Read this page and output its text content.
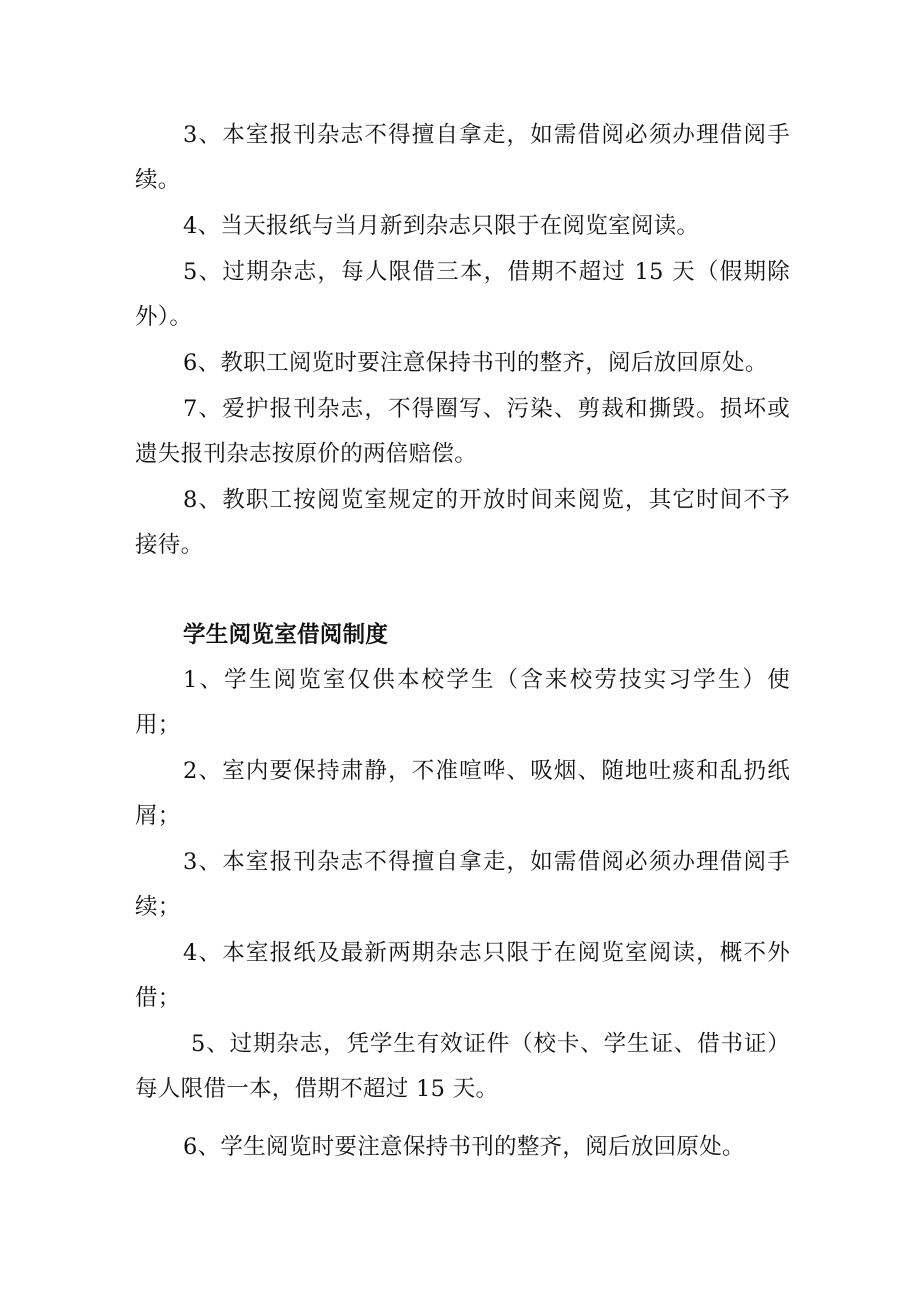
3、本室报刊杂志不得擅自拿走，如需借阅必须办理借阅手续。

4、当天报纸与当月新到杂志只限于在阅览室阅读。

5、过期杂志，每人限借三本，借期不超过 15 天（假期除外）。

6、教职工阅览时要注意保持书刊的整齐，阅后放回原处。

7、爱护报刊杂志，不得圈写、污染、剪裁和撕毁。损坏或遗失报刊杂志按原价的两倍赔偿。

8、教职工按阅览室规定的开放时间来阅览，其它时间不予接待。

学生阅览室借阅制度

1、学生阅览室仅供本校学生（含来校劳技实习学生）使用；

2、室内要保持肃静，不准喧哗、吸烟、随地吐痰和乱扔纸屑；

3、本室报刊杂志不得擅自拿走，如需借阅必须办理借阅手续；

4、本室报纸及最新两期杂志只限于在阅览室阅读，概不外借；

5、过期杂志，凭学生有效证件（校卡、学生证、借书证）每人限借一本，借期不超过 15 天。

6、学生阅览时要注意保持书刊的整齐，阅后放回原处。
